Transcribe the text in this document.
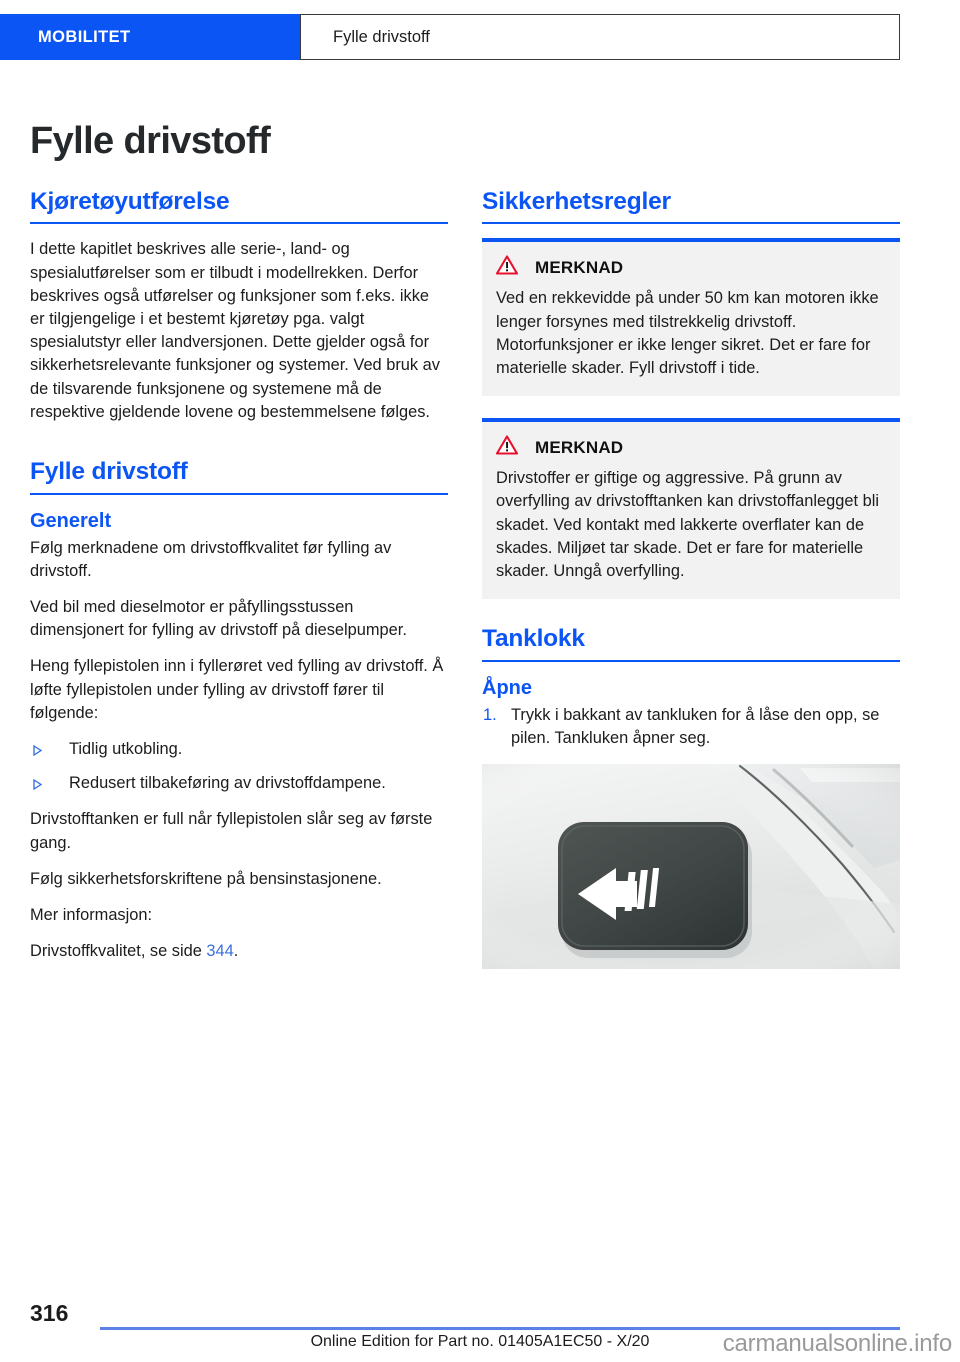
MOBILITET	Fylle drivstoff
Fylle drivstoff
Kjøretøyutførelse

I dette kapitlet beskrives alle serie-, land- og spesialutførelser som er tilbudt i modellrekken. Derfor beskrives også utførelser og funksjoner som f.eks. ikke er tilgjengelige i et bestemt kjøretøy pga. valgt spesialutstyr eller landversjonen. Dette gjelder også for sikkerhetsrelevante funksjoner og systemer. Ved bruk av de tilsvarende funksjonene og systemene må de respektive gjeldende lovene og bestemmelsene følges.

Fylle drivstoff
Generelt

Følg merknadene om drivstoffkvalitet før fylling av drivstoff.

Ved bil med dieselmotor er påfyllingsstussen dimensjonert for fylling av drivstoff på dieselpumper.

Heng fyllepistolen inn i fyllerøret ved fylling av drivstoff. Å løfte fyllepistolen under fylling av drivstoff fører til følgende:

Tidlig utkobling.
Redusert tilbakeføring av drivstoffdampene.

Drivstofftanken er full når fyllepistolen slår seg av første gang.

Følg sikkerhetsforskriftene på bensinstasjonene.

Mer informasjon:

Drivstoffkvalitet, se side 344.

Sikkerhetsregler
MERKNAD

Ved en rekkevidde på under 50 km kan motoren ikke lenger forsynes med tilstrekkelig drivstoff. Motorfunksjoner er ikke lenger sikret. Det er fare for materielle skader. Fyll drivstoff i tide.

MERKNAD

Drivstoffer er giftige og aggressive. På grunn av overfylling av drivstofftanken kan drivstoffanlegget bli skadet. Ved kontakt med lakkerte overflater kan de skades. Miljøet tar skade. Det er fare for materielle skader. Unngå overfylling.

Tanklokk
Åpne
Trykk i bakkant av tankluken for å låse den opp, se pilen. Tankluken åpner seg.
316
Online Edition for Part no. 01405A1EC50 - X/20	carmanualsonline.info
